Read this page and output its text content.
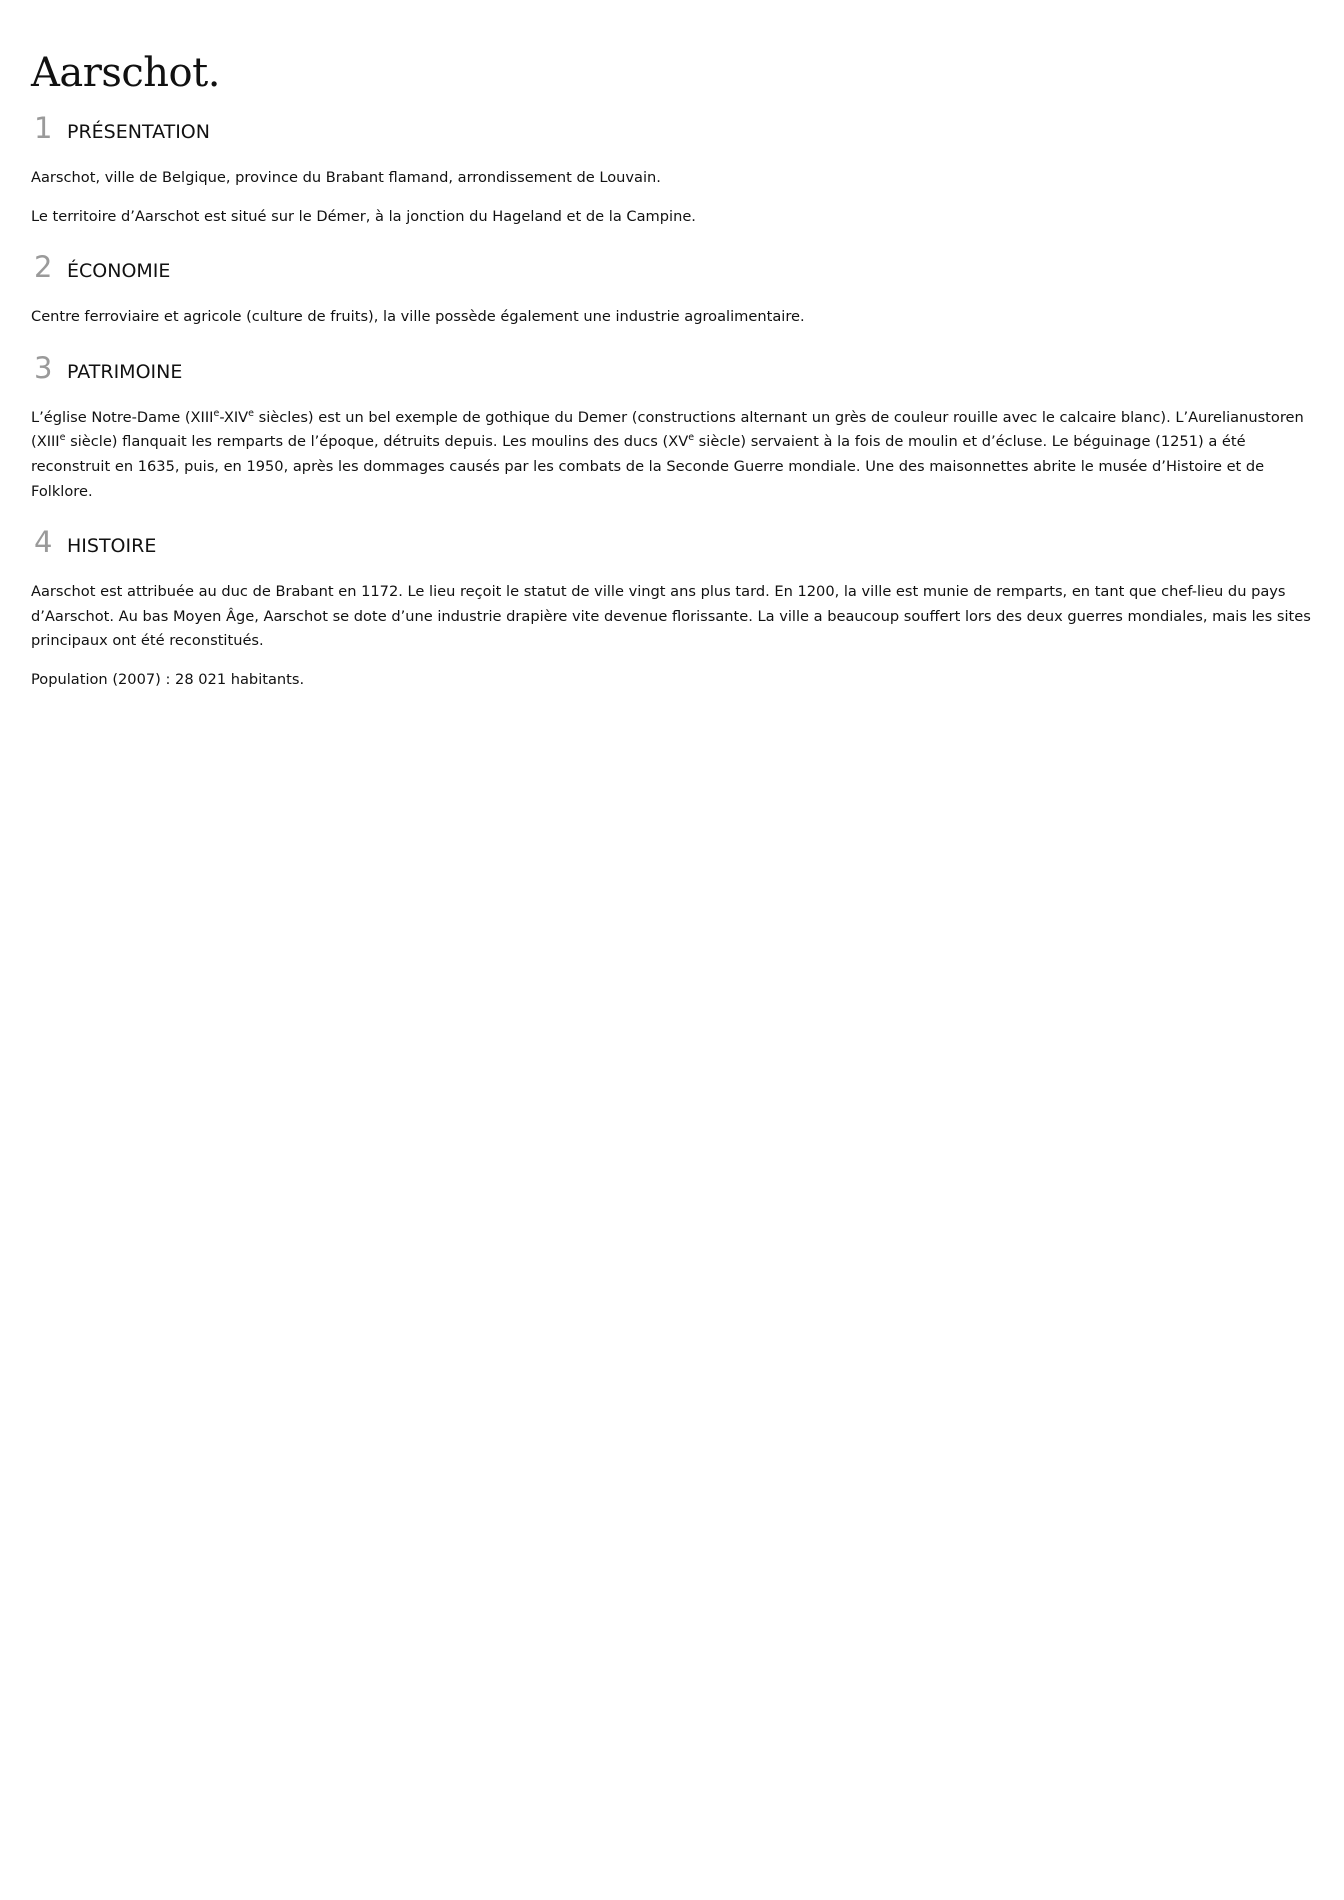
Aarschot.
1 PRÉSENTATION

Aarschot, ville de Belgique, province du Brabant flamand, arrondissement de Louvain.

Le territoire d’Aarschot est situé sur le Démer, à la jonction du Hageland et de la Campine.

2 ÉCONOMIE

Centre ferroviaire et agricole (culture de fruits), la ville possède également une industrie agroalimentaire.

3 PATRIMOINE

L’église Notre-Dame (XIIIe-XIVe siècles) est un bel exemple de gothique du Demer (constructions alternant un grès de couleur rouille avec le calcaire blanc). L’Aurelianustoren (XIIIe siècle) flanquait les remparts de l’époque, détruits depuis. Les moulins des ducs (XVe siècle) servaient à la fois de moulin et d’écluse. Le béguinage (1251) a été reconstruit en 1635, puis, en 1950, après les dommages causés par les combats de la Seconde Guerre mondiale. Une des maisonnettes abrite le musée d’Histoire et de Folklore.

4 HISTOIRE

Aarschot est attribuée au duc de Brabant en 1172. Le lieu reçoit le statut de ville vingt ans plus tard. En 1200, la ville est munie de remparts, en tant que chef-lieu du pays d’Aarschot. Au bas Moyen Âge, Aarschot se dote d’une industrie drapière vite devenue florissante. La ville a beaucoup souffert lors des deux guerres mondiales, mais les sites principaux ont été reconstitués.

Population (2007) : 28 021 habitants.
